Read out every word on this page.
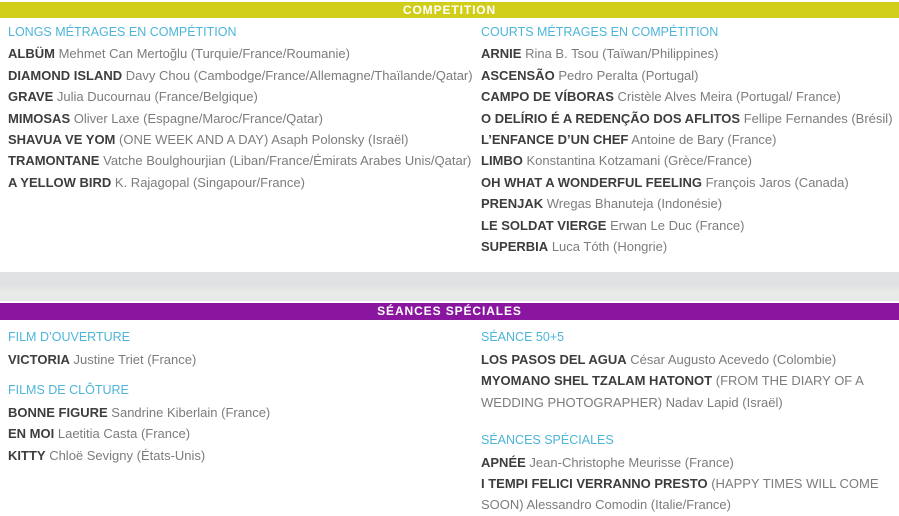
COMPETITION
LONGS MÉTRAGES EN COMPÉTITION
ALBÜM Mehmet Can Mertoğlu (Turquie/France/Roumanie)
DIAMOND ISLAND Davy Chou (Cambodge/France/Allemagne/Thaïlande/Qatar)
GRAVE Julia Ducournau (France/Belgique)
MIMOSAS Oliver Laxe (Espagne/Maroc/France/Qatar)
SHAVUA VE YOM (ONE WEEK AND A DAY) Asaph Polonsky (Israël)
TRAMONTANE Vatche Boulghourjian (Liban/France/Émirats Arabes Unis/Qatar)
A YELLOW BIRD K. Rajagopal (Singapour/France)
COURTS MÉTRAGES EN COMPÉTITION
ARNIE Rina B. Tsou (Taïwan/Philippines)
ASCENSÃO Pedro Peralta (Portugal)
CAMPO DE VÍBORAS Cristèle Alves Meira (Portugal/ France)
O DELÍRIO É A REDENÇÃO DOS AFLITOS Fellipe Fernandes (Brésil)
L’ENFANCE D’UN CHEF Antoine de Bary (France)
LIMBO Konstantina Kotzamani (Grèce/France)
OH WHAT A WONDERFUL FEELING François Jaros (Canada)
PRENJAK Wregas Bhanuteja (Indonésie)
LE SOLDAT VIERGE Erwan Le Duc (France)
SUPERBIA Luca Tóth (Hongrie)
SÉANCES SPÉCIALES
FILM D’OUVERTURE
VICTORIA Justine Triet (France)
FILMS DE CLÔTURE
BONNE FIGURE Sandrine Kiberlain (France)
EN MOI Laetitia Casta (France)
KITTY Chloë Sevigny (États-Unis)
SÉANCE 50+5
LOS PASOS DEL AGUA César Augusto Acevedo (Colombie)
MYOMANO SHEL TZALAM HATONOT (FROM THE DIARY OF A WEDDING PHOTOGRAPHER) Nadav Lapid (Israël)
SÉANCES SPÉCIALES
APNÉE Jean-Christophe Meurisse (France)
I TEMPI FELICI VERRANNO PRESTO (HAPPY TIMES WILL COME SOON) Alessandro Comodin (Italie/France)
